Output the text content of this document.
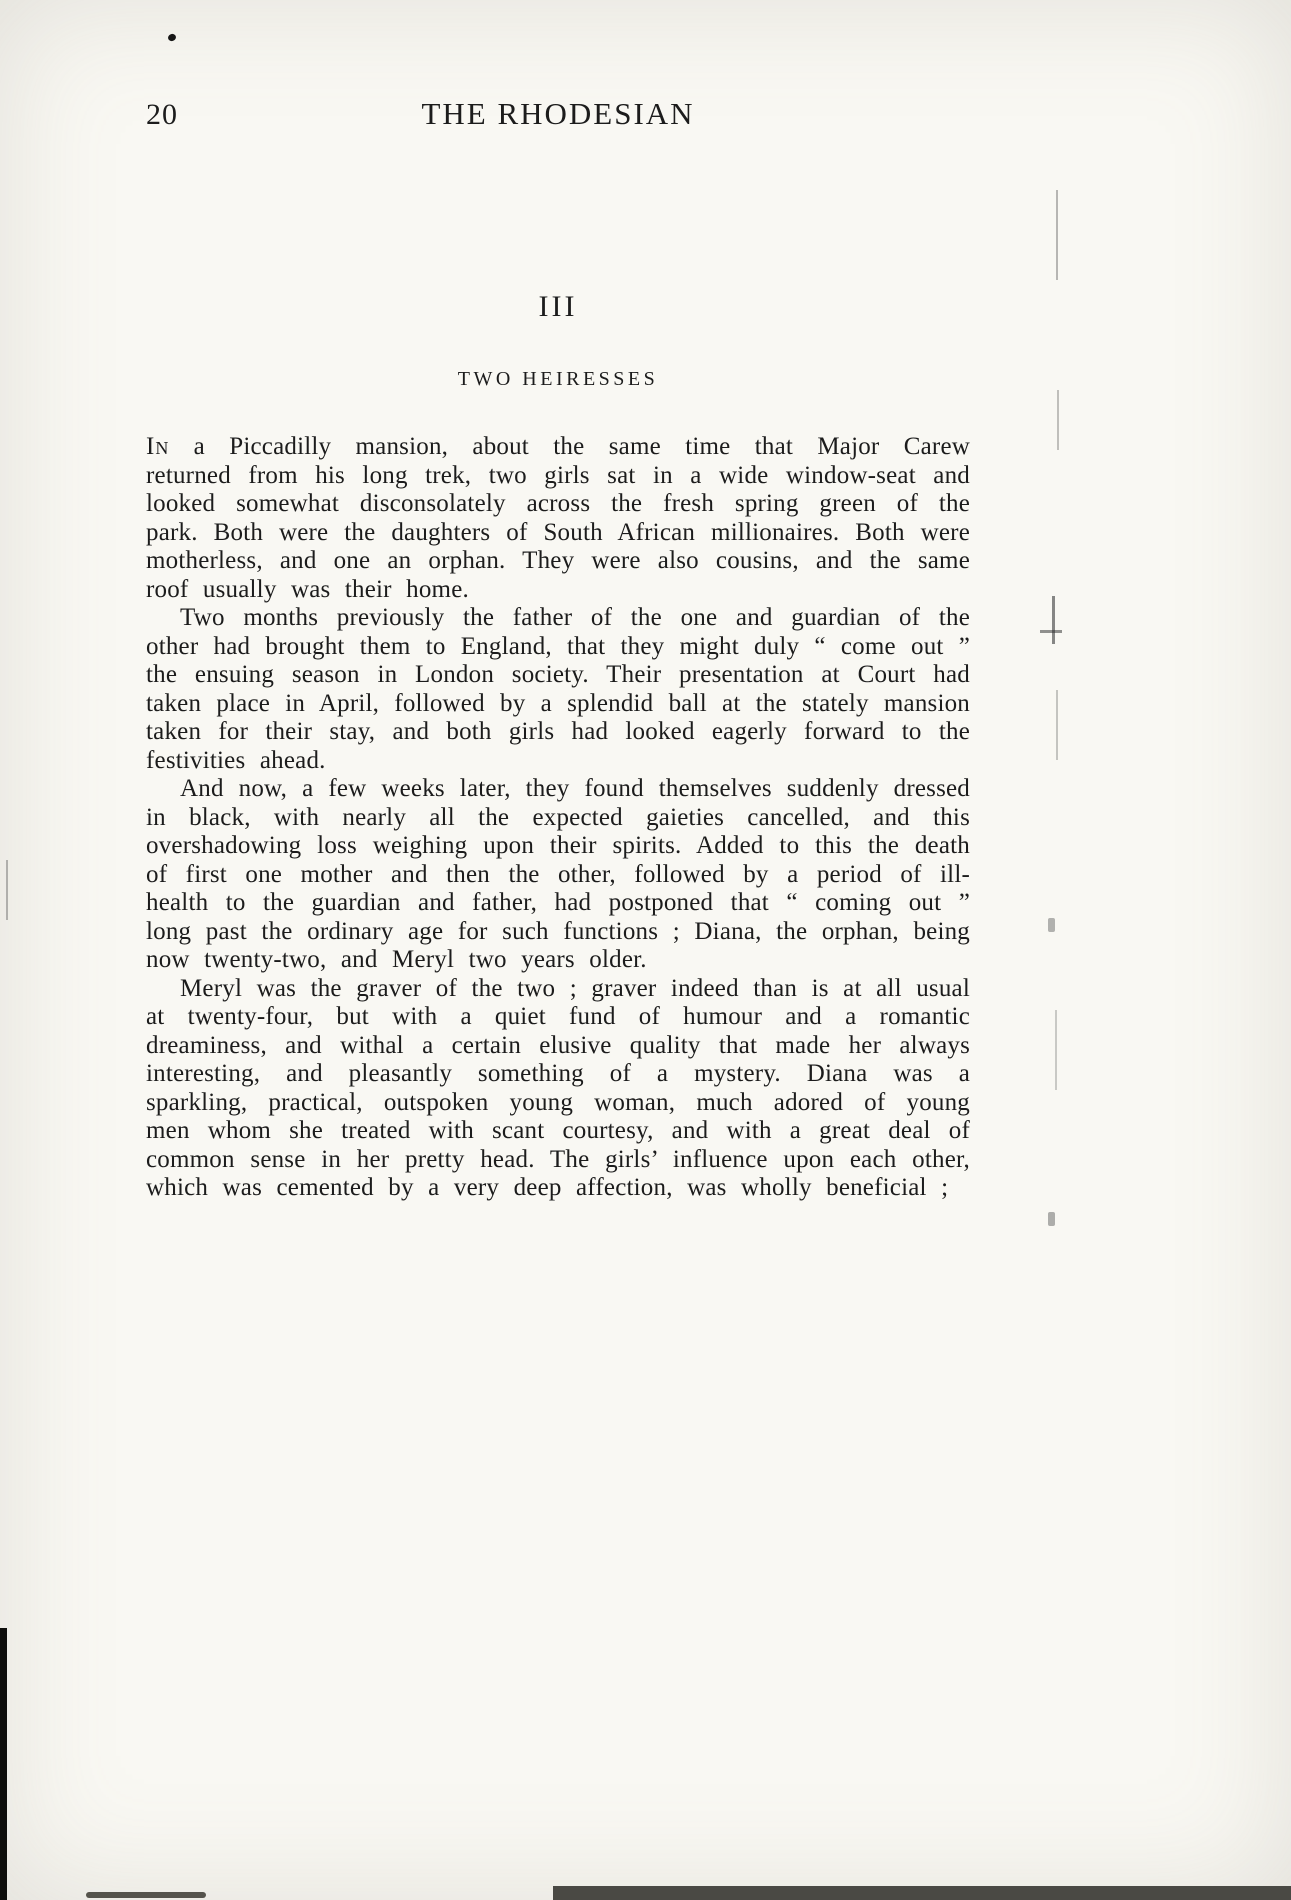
20	THE RHODESIAN
III
TWO HEIRESSES

In a Piccadilly mansion, about the same time that Major Carew returned from his long trek, two girls sat in a wide window-seat and looked somewhat disconsolately across the fresh spring green of the park. Both were the daughters of South African millionaires. Both were motherless, and one an orphan. They were also cousins, and the same roof usually was their home.

Two months previously the father of the one and guardian of the other had brought them to England, that they might duly “ come out ” the ensuing season in London society. Their presentation at Court had taken place in April, followed by a splendid ball at the stately mansion taken for their stay, and both girls had looked eagerly forward to the festivities ahead.

And now, a few weeks later, they found themselves suddenly dressed in black, with nearly all the expected gaieties cancelled, and this overshadowing loss weighing upon their spirits. Added to this the death of first one mother and then the other, followed by a period of ill-health to the guardian and father, had postponed that “ coming out ” long past the ordinary age for such functions ; Diana, the orphan, being now twenty-two, and Meryl two years older.

Meryl was the graver of the two ; graver indeed than is at all usual at twenty-four, but with a quiet fund of humour and a romantic dreaminess, and withal a certain elusive quality that made her always interesting, and pleasantly something of a mystery. Diana was a sparkling, practical, outspoken young woman, much adored of young men whom she treated with scant courtesy, and with a great deal of common sense in her pretty head. The girls’ influence upon each other, which was cemented by a very deep affection, was wholly beneficial ;
